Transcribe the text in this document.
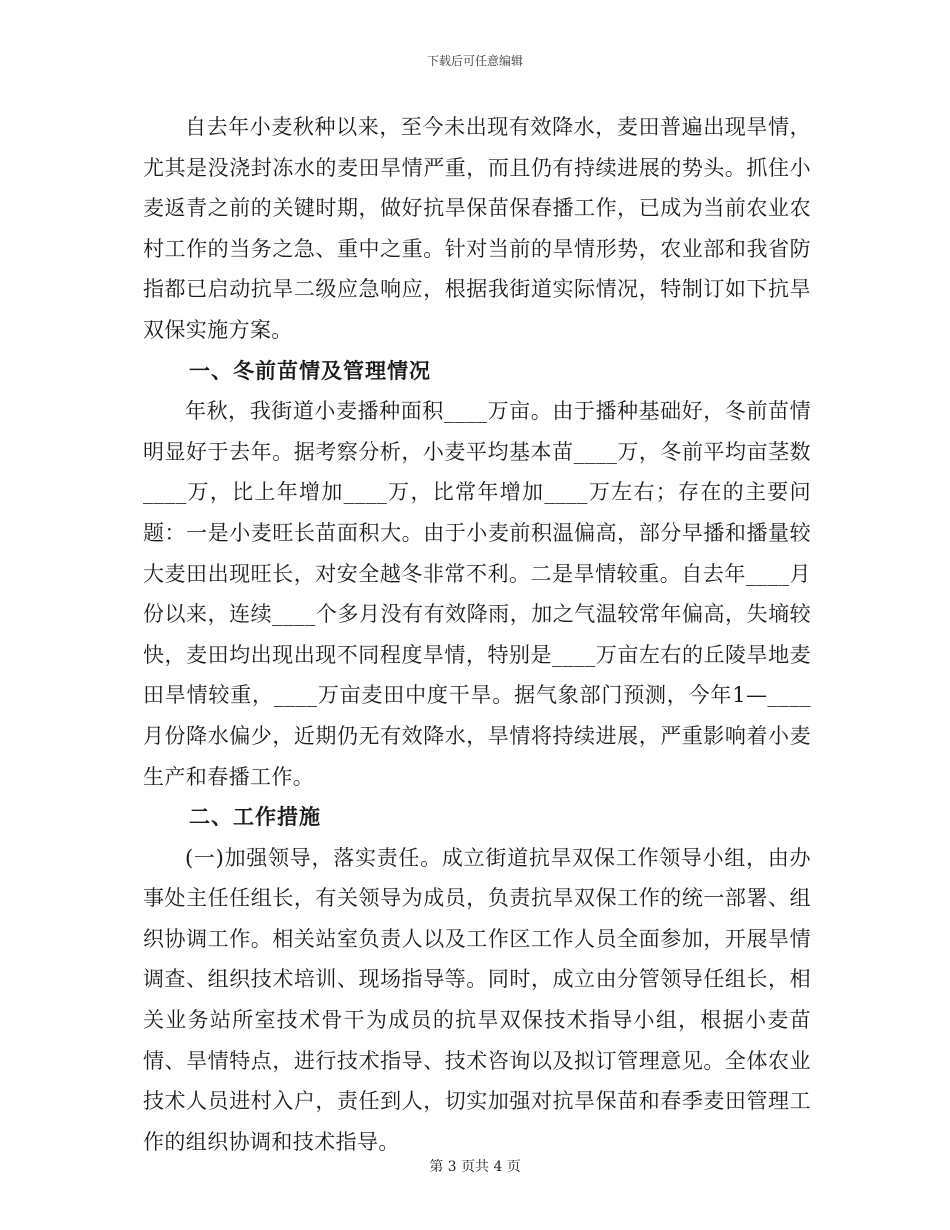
下载后可任意编辑

自去年小麦秋种以来，至今未出现有效降水，麦田普遍出现旱情，尤其是没浇封冻水的麦田旱情严重，而且仍有持续进展的势头。抓住小麦返青之前的关键时期，做好抗旱保苗保春播工作，已成为当前农业农村工作的当务之急、重中之重。针对当前的旱情形势，农业部和我省防指都已启动抗旱二级应急响应，根据我街道实际情况，特制订如下抗旱双保实施方案。

一、冬前苗情及管理情况

年秋，我街道小麦播种面积____万亩。由于播种基础好，冬前苗情明显好于去年。据考察分析，小麦平均基本苗____万，冬前平均亩茎数____万，比上年增加____万，比常年增加____万左右；存在的主要问题：一是小麦旺长苗面积大。由于小麦前积温偏高，部分早播和播量较大麦田出现旺长，对安全越冬非常不利。二是旱情较重。自去年____月份以来，连续____个多月没有有效降雨，加之气温较常年偏高，失墒较快，麦田均出现出现不同程度旱情，特别是____万亩左右的丘陵旱地麦田旱情较重，____万亩麦田中度干旱。据气象部门预测，今年1—____月份降水偏少，近期仍无有效降水，旱情将持续进展，严重影响着小麦生产和春播工作。

二、工作措施

(一)加强领导，落实责任。成立街道抗旱双保工作领导小组，由办事处主任任组长，有关领导为成员，负责抗旱双保工作的统一部署、组织协调工作。相关站室负责人以及工作区工作人员全面参加，开展旱情调查、组织技术培训、现场指导等。同时，成立由分管领导任组长，相关业务站所室技术骨干为成员的抗旱双保技术指导小组，根据小麦苗情、旱情特点，进行技术指导、技术咨询以及拟订管理意见。全体农业技术人员进村入户，责任到人，切实加强对抗旱保苗和春季麦田管理工作的组织协调和技术指导。

第 3 页共 4 页
